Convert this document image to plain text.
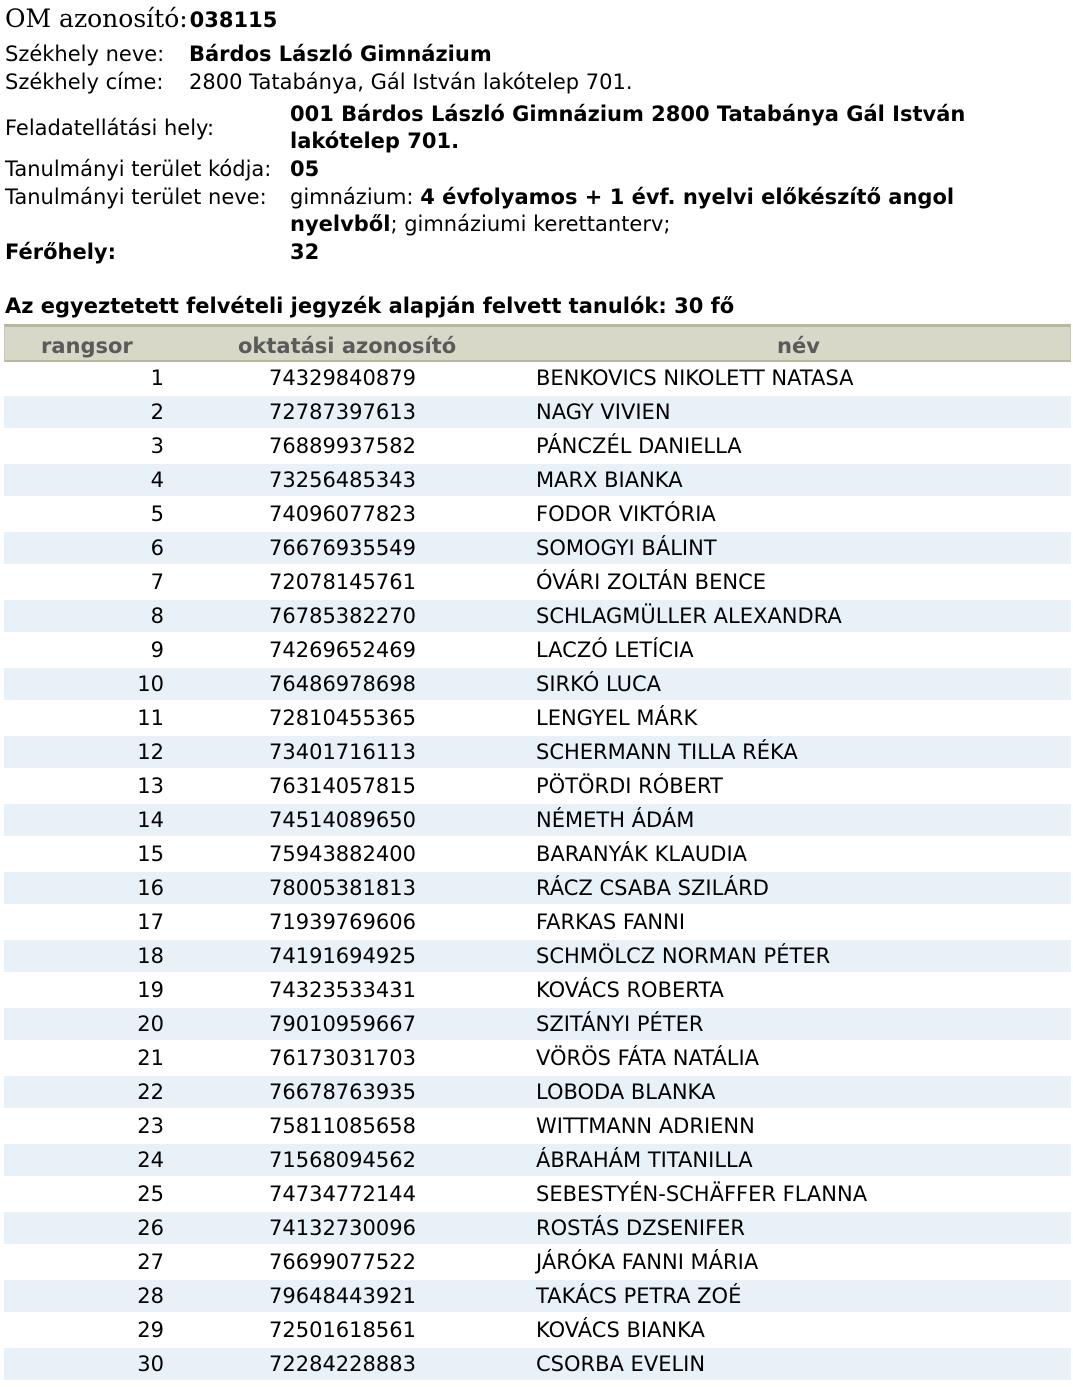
OM azonosító:038115
Székhely neve: Bárdos László Gimnázium
Székhely címe: 2800 Tatabánya, Gál István lakótelep 701.
Feladatellátási hely:
001 Bárdos László Gimnázium 2800 Tatabánya Gál István lakótelep 701.
Tanulmányi terület kódja: 05
Tanulmányi terület neve: gimnázium: 4 évfolyamos + 1 évf. nyelvi előkészítő angol nyelvből; gimnáziumi kerettanterv;
Férőhely:	32
Az egyeztetett felvételi jegyzék alapján felvett tanulók: 30 fő
rangsor	oktatási azonosító	név
1	74329840879	BENKOVICS NIKOLETT NATASA
2	72787397613	NAGY VIVIEN
3	76889937582	PÁNCZÉL DANIELLA
4	73256485343	MARX BIANKA
5	74096077823	FODOR VIKTÓRIA
6	76676935549	SOMOGYI BÁLINT
7	72078145761	ÓVÁRI ZOLTÁN BENCE
8	76785382270	SCHLAGMÜLLER ALEXANDRA
9	74269652469	LACZÓ LETÍCIA
10	76486978698	SIRKÓ LUCA
11	72810455365	LENGYEL MÁRK
12	73401716113	SCHERMANN TILLA RÉKA
13	76314057815	PÖTÖRDI RÓBERT
14	74514089650	NÉMETH ÁDÁM
15	75943882400	BARANYÁK KLAUDIA
16	78005381813	RÁCZ CSABA SZILÁRD
17	71939769606	FARKAS FANNI
18	74191694925	SCHMÖLCZ NORMAN PÉTER
19	74323533431	KOVÁCS ROBERTA
20	79010959667	SZITÁNYI PÉTER
21	76173031703	VÖRÖS FÁTA NATÁLIA
22	76678763935	LOBODA BLANKA
23	75811085658	WITTMANN ADRIENN
24	71568094562	ÁBRAHÁM TITANILLA
25	74734772144	SEBESTYÉN-SCHÄFFER FLANNA
26	74132730096	ROSTÁS DZSENIFER
27	76699077522	JÁRÓKA FANNI MÁRIA
28	79648443921	TAKÁCS PETRA ZOÉ
29	72501618561	KOVÁCS BIANKA
30	72284228883	CSORBA EVELIN
